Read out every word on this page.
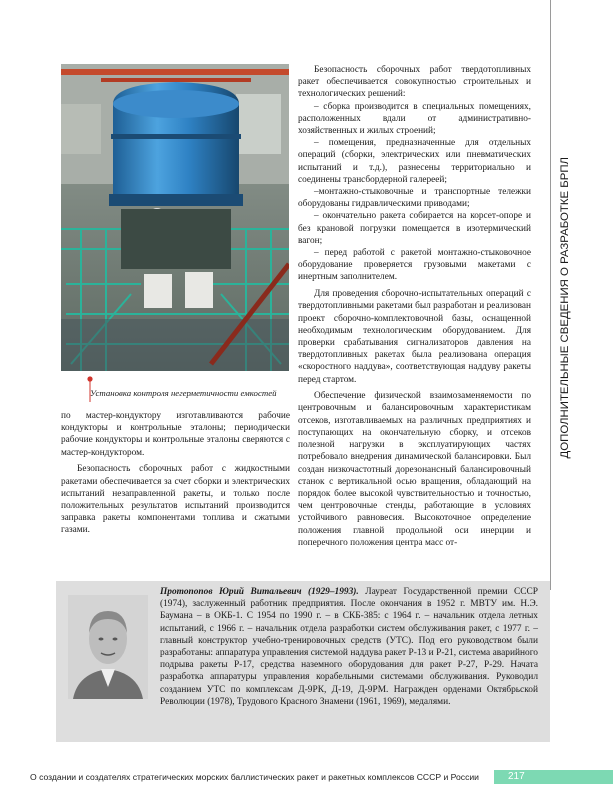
ДОПОЛНИТЕЛЬНЫЕ СВЕДЕНИЯ О РАЗРАБОТКЕ БРПЛ
Установка контроля негерметичности емкостей

по мастер-кондуктору изготавливаются рабочие кондукторы и контрольные эталоны; периодически рабочие кондукторы и контрольные эталоны сверяются с мастер-кондуктором.

Безопасность сборочных работ с жидкостными ракетами обеспечивается за счет сборки и электрических испытаний незаправленной ракеты, и только после положительных результатов испытаний производится заправка ракеты компонентами топлива и сжатыми газами.

Безопасность сборочных работ твердотопливных ракет обеспечивается совокупностью строительных и технологических решений:

– сборка производится в специальных помещениях, расположенных вдали от административно-хозяйственных и жилых строений;

– помещения, предназначенные для отдельных операций (сборки, электрических или пневматических испытаний и т.д.), разнесены территориально и соединены трансбордерной галереей;

–монтажно-стыковочные и транспортные тележки оборудованы гидравлическими приводами;

– окончательно ракета собирается на корсет-опоре и без крановой погрузки помещается в изотермический вагон;

– перед работой с ракетой монтажно-стыковочное оборудование проверяется грузовыми макетами с инертным заполнителем.

Для проведения сборочно-испытательных операций с твердотопливными ракетами был разработан и реализован проект сборочно-комплектовочной базы, оснащенной необходимым технологическим оборудованием. Для проверки срабатывания сигнализаторов давления на твердотопливных ракетах была реализована операция «скоростного наддува», соответствующая наддуву ракеты перед стартом.

Обеспечение физической взаимозаменяемости по центровочным и балансировочным характеристикам отсеков, изготавливаемых на различных предприятиях и поступающих на окончательную сборку, и отсеков полезной нагрузки в эксплуатирующих частях потребовало внедрения динамической балансировки. Был создан низкочастотный дорезонансный балансировочный станок с вертикальной осью вращения, обладающий на порядок более высокой чувствительностью и точностью, чем центровочные стенды, работающие в условиях устойчивого равновесия. Высокоточное определение положения главной продольной оси инерции и поперечного положения центра масс от-

Протопопов Юрий Витальевич (1929–1993). Лауреат Государственной премии СССР (1974), заслуженный работник предприятия. После окончания в 1952 г. МВТУ им. Н.Э. Баумана – в ОКБ-1. С 1954 по 1990 г. – в СКБ-385: с 1964 г. – начальник отдела летных испытаний, с 1966 г. – начальник отдела разработки систем обслуживания ракет, с 1977 г. – главный конструктор учебно-тренировочных средств (УТС). Под его руководством были разработаны: аппаратура управления системой наддува ракет Р-13 и Р-21, система аварийного подрыва ракеты Р-17, средства наземного оборудования для ракет Р-27, Р-29. Начата разработка аппаратуры управления корабельными системами обслуживания. Руководил созданием УТС по комплексам Д-9РК, Д-19, Д-9РМ. Награжден орденами Октябрьской Революции (1978), Трудового Красного Знамени (1961, 1969), медалями.
О создании и создателях стратегических морских баллистических ракет и ракетных комплексов СССР и России	217
